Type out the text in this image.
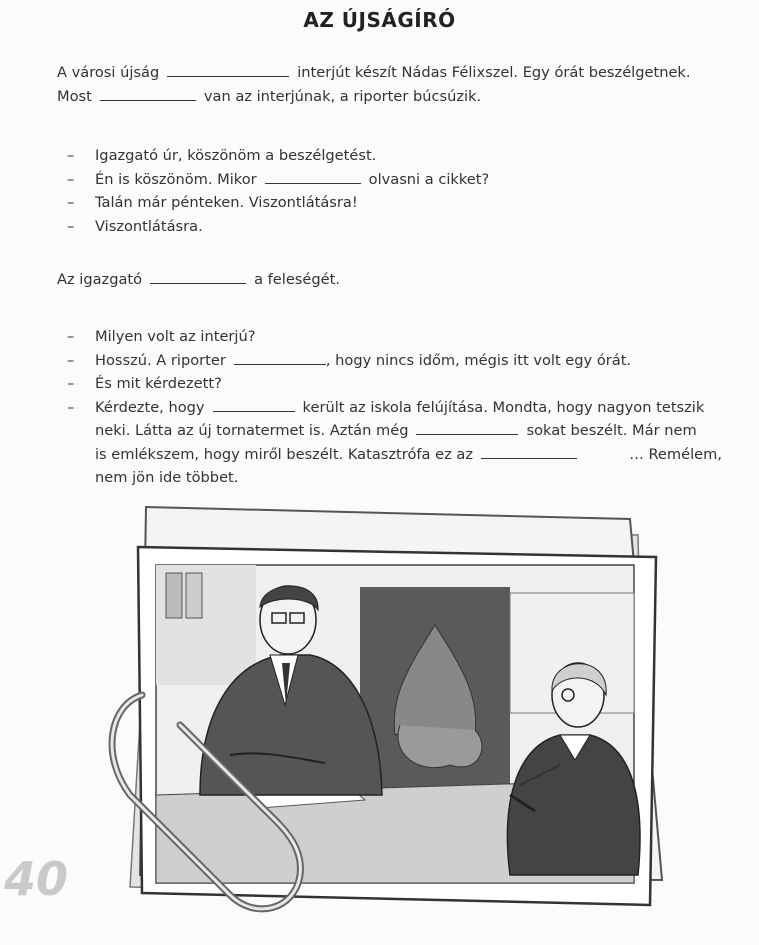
AZ ÚJSÁGÍRÓ
A városi újság	interjút készít Nádas Félixszel. Egy órát beszélgetnek.
Most	van az interjúnak, a riporter búcsúzik.
– Igazgató úr, köszönöm a beszélgetést.
– Én is köszönöm. Mikor	olvasni a cikket?
– Talán már pénteken. Viszontlátásra!
– Viszontlátásra.
Az igazgató	a feleségét.
– Milyen volt az interjú?
– Hosszú. A riporter	, hogy nincs időm, mégis itt volt egy órát.
– És mit kérdezett?
– Kérdezte, hogy	került az iskola felújítása. Mondta, hogy nagyon tetszik
neki. Látta az új tornatermet is. Aztán még	sokat beszélt. Már nem
is emlékszem, hogy miről beszélt. Katasztrófa ez az	… Remélem,
nem jön ide többet.
40
